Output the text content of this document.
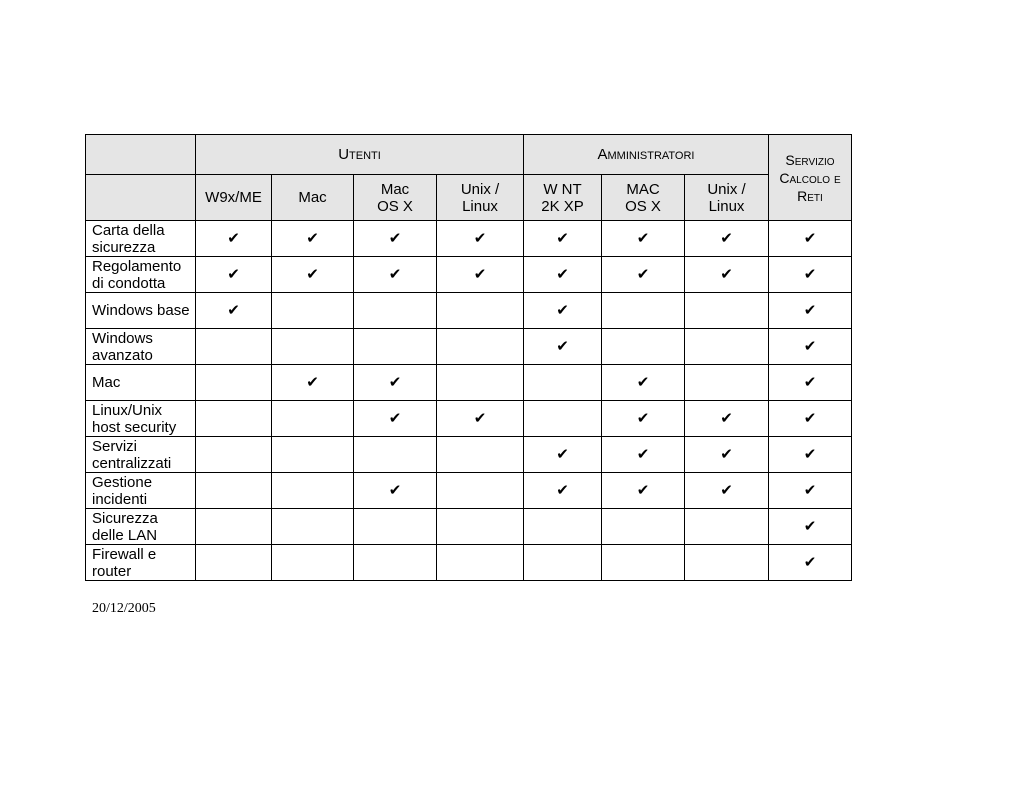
	Utenti				Amministratori			Servizio Calcolo e Reti

	W9x/ME	Mac	Mac OS X	Unix / Linux	W NT 2K XP	MAC OS X	Unix / Linux	

Carta della sicurezza	✔	✔	✔	✔	✔	✔	✔	✔
Regolamento di condotta	✔	✔	✔	✔	✔	✔	✔	✔
Windows base	✔				✔			✔
Windows avanzato					✔			✔
Mac		✔	✔			✔		✔
Linux/Unix host security			✔	✔		✔	✔	✔
Servizi centralizzati					✔	✔	✔	✔
Gestione incidenti			✔		✔	✔	✔	✔
Sicurezza delle LAN								✔
Firewall e router								✔
20/12/2005
